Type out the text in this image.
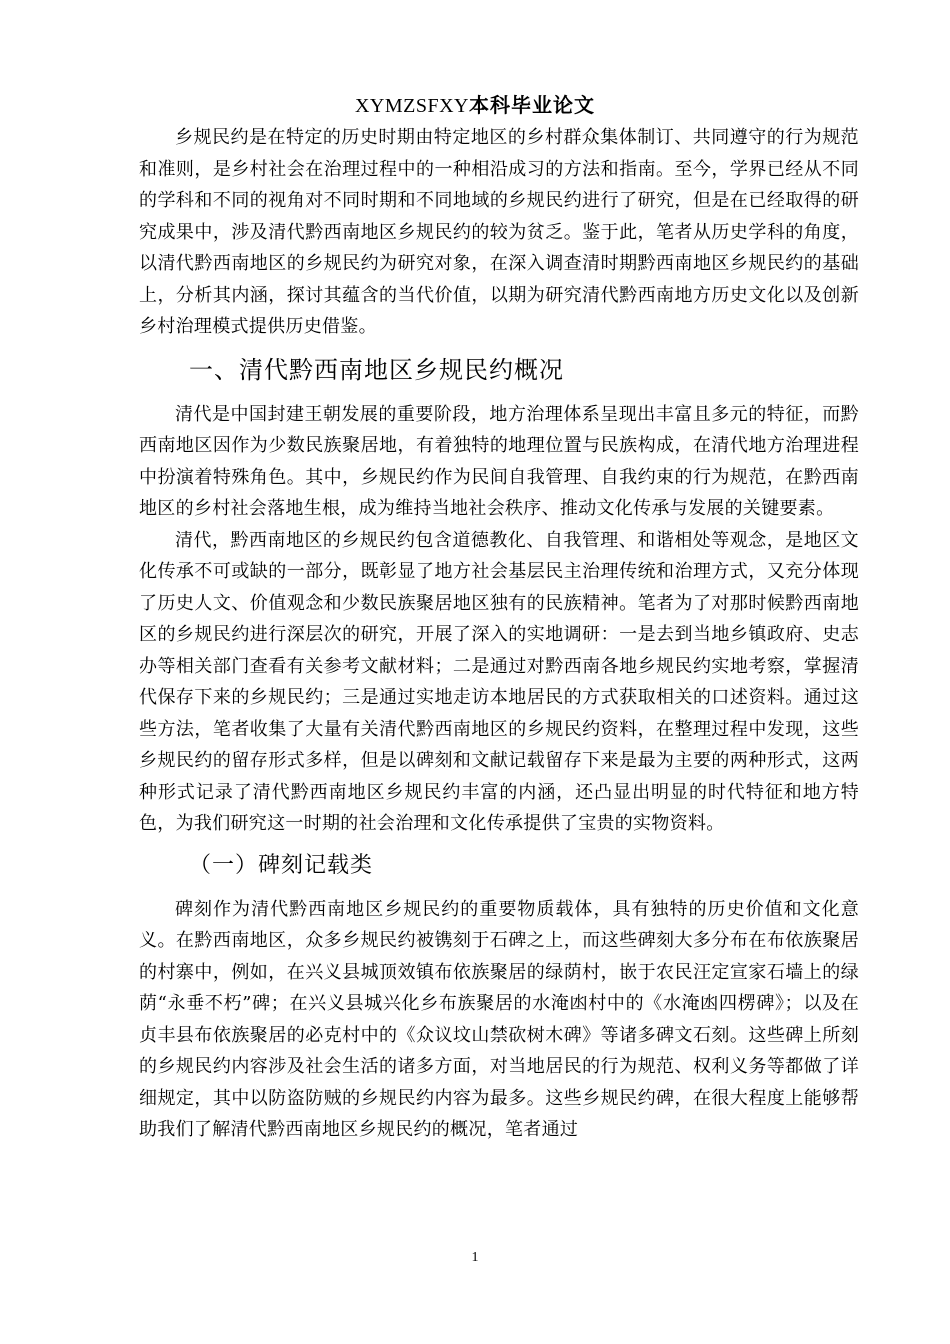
XYMZSFXY本科毕业论文

乡规民约是在特定的历史时期由特定地区的乡村群众集体制订、共同遵守的行为规范和准则，是乡村社会在治理过程中的一种相沿成习的方法和指南。至今，学界已经从不同的学科和不同的视角对不同时期和不同地域的乡规民约进行了研究，但是在已经取得的研究成果中，涉及清代黔西南地区乡规民约的较为贫乏。鉴于此，笔者从历史学科的角度，以清代黔西南地区的乡规民约为研究对象，在深入调查清时期黔西南地区乡规民约的基础上，分析其内涵，探讨其蕴含的当代价值，以期为研究清代黔西南地方历史文化以及创新乡村治理模式提供历史借鉴。

一、清代黔西南地区乡规民约概况

清代是中国封建王朝发展的重要阶段，地方治理体系呈现出丰富且多元的特征，而黔西南地区因作为少数民族聚居地，有着独特的地理位置与民族构成，在清代地方治理进程中扮演着特殊角色。其中，乡规民约作为民间自我管理、自我约束的行为规范，在黔西南地区的乡村社会落地生根，成为维持当地社会秩序、推动文化传承与发展的关键要素。

清代，黔西南地区的乡规民约包含道德教化、自我管理、和谐相处等观念，是地区文化传承不可或缺的一部分，既彰显了地方社会基层民主治理传统和治理方式，又充分体现了历史人文、价值观念和少数民族聚居地区独有的民族精神。笔者为了对那时候黔西南地区的乡规民约进行深层次的研究，开展了深入的实地调研：一是去到当地乡镇政府、史志办等相关部门查看有关参考文献材料；二是通过对黔西南各地乡规民约实地考察，掌握清代保存下来的乡规民约；三是通过实地走访本地居民的方式获取相关的口述资料。通过这些方法，笔者收集了大量有关清代黔西南地区的乡规民约资料，在整理过程中发现，这些乡规民约的留存形式多样，但是以碑刻和文献记载留存下来是最为主要的两种形式，这两种形式记录了清代黔西南地区乡规民约丰富的内涵，还凸显出明显的时代特征和地方特色，为我们研究这一时期的社会治理和文化传承提供了宝贵的实物资料。

（一）碑刻记载类

碑刻作为清代黔西南地区乡规民约的重要物质载体，具有独特的历史价值和文化意义。在黔西南地区，众多乡规民约被镌刻于石碑之上，而这些碑刻大多分布在布依族聚居的村寨中，例如，在兴义县城顶效镇布依族聚居的绿荫村，嵌于农民汪定宣家石墙上的绿荫“永垂不朽”碑；在兴义县城兴化乡布族聚居的水淹凼村中的《水淹凼四楞碑》；以及在贞丰县布依族聚居的必克村中的《众议坟山禁砍树木碑》等诸多碑文石刻。这些碑上所刻的乡规民约内容涉及社会生活的诸多方面，对当地居民的行为规范、权利义务等都做了详细规定，其中以防盗防贼的乡规民约内容为最多。这些乡规民约碑，在很大程度上能够帮助我们了解清代黔西南地区乡规民约的概况，笔者通过

1
